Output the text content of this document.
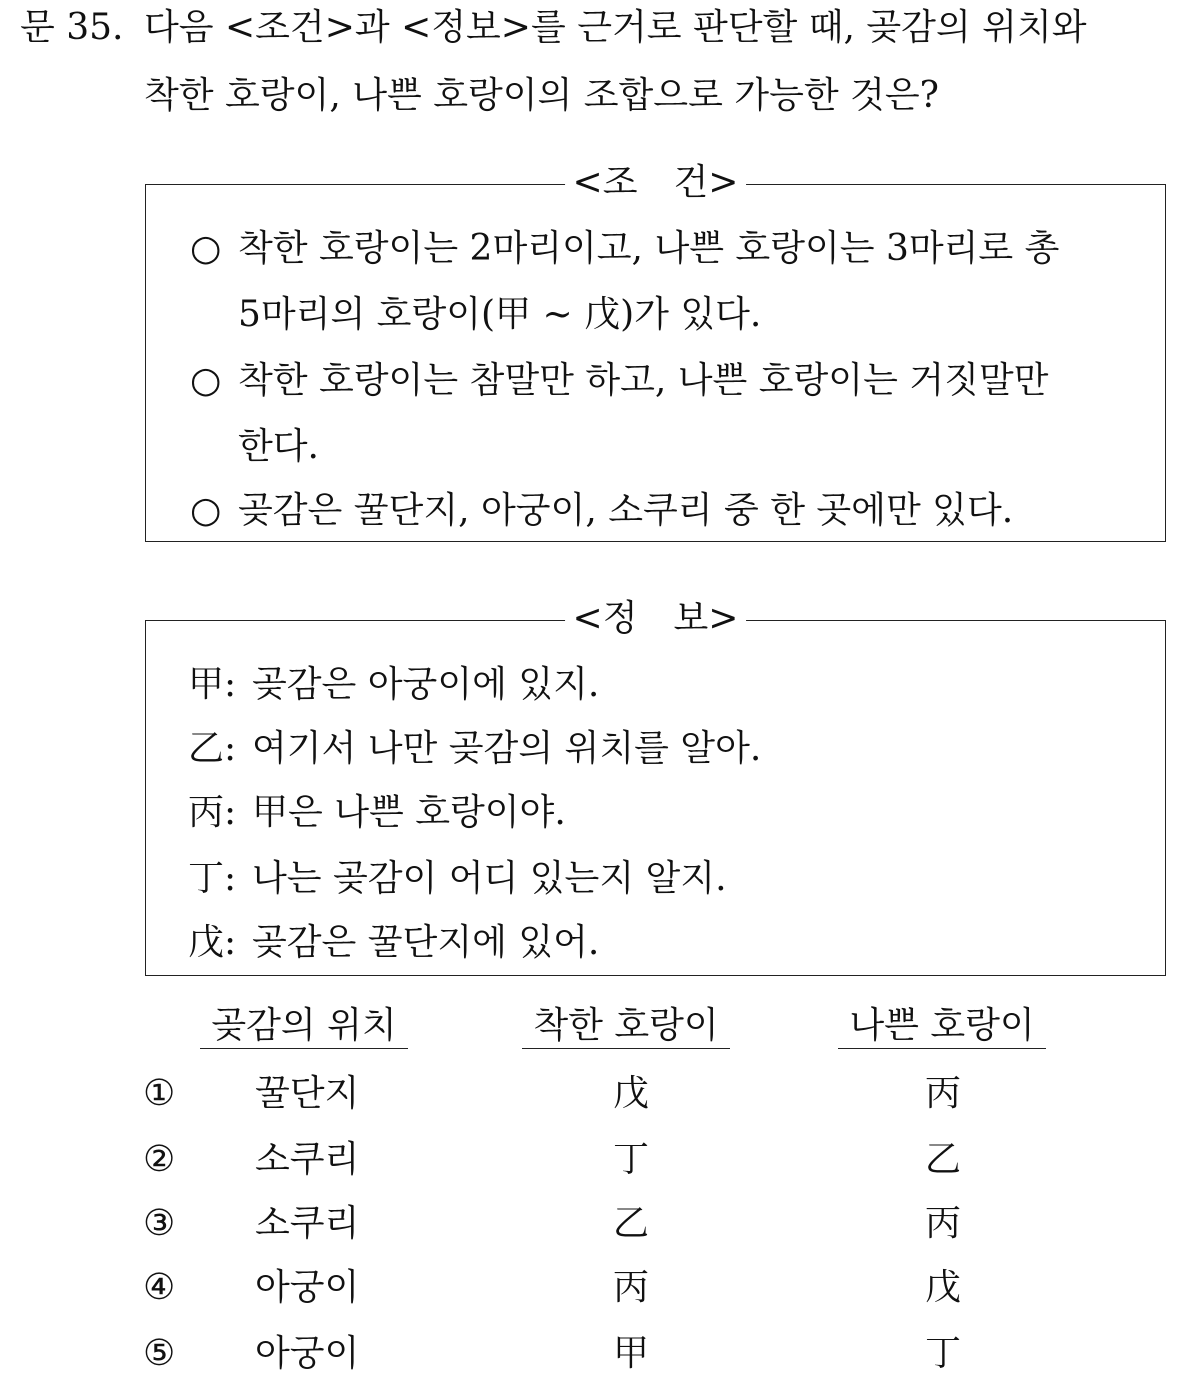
문 35. 다음 <조건>과 <정보>를 근거로 판단할 때, 곶감의 위치와
착한 호랑이, 나쁜 호랑이의 조합으로 가능한 것은?
<조　건>
○ 착한 호랑이는 2마리이고, 나쁜 호랑이는 3마리로 총
5마리의 호랑이(甲 ~ 戊)가 있다.
○ 착한 호랑이는 참말만 하고, 나쁜 호랑이는 거짓말만
한다.
○ 곶감은 꿀단지, 아궁이, 소쿠리 중 한 곳에만 있다.
<정　보>
甲: 곶감은 아궁이에 있지.
乙: 여기서 나만 곶감의 위치를 알아.
丙: 甲은 나쁜 호랑이야.
丁: 나는 곶감이 어디 있는지 알지.
戊: 곶감은 꿀단지에 있어.
곶감의 위치	착한 호랑이	나쁜 호랑이
① 꿀단지	戊	丙
② 소쿠리	丁	乙
③ 소쿠리	乙	丙
④ 아궁이	丙	戊
⑤ 아궁이	甲	丁
